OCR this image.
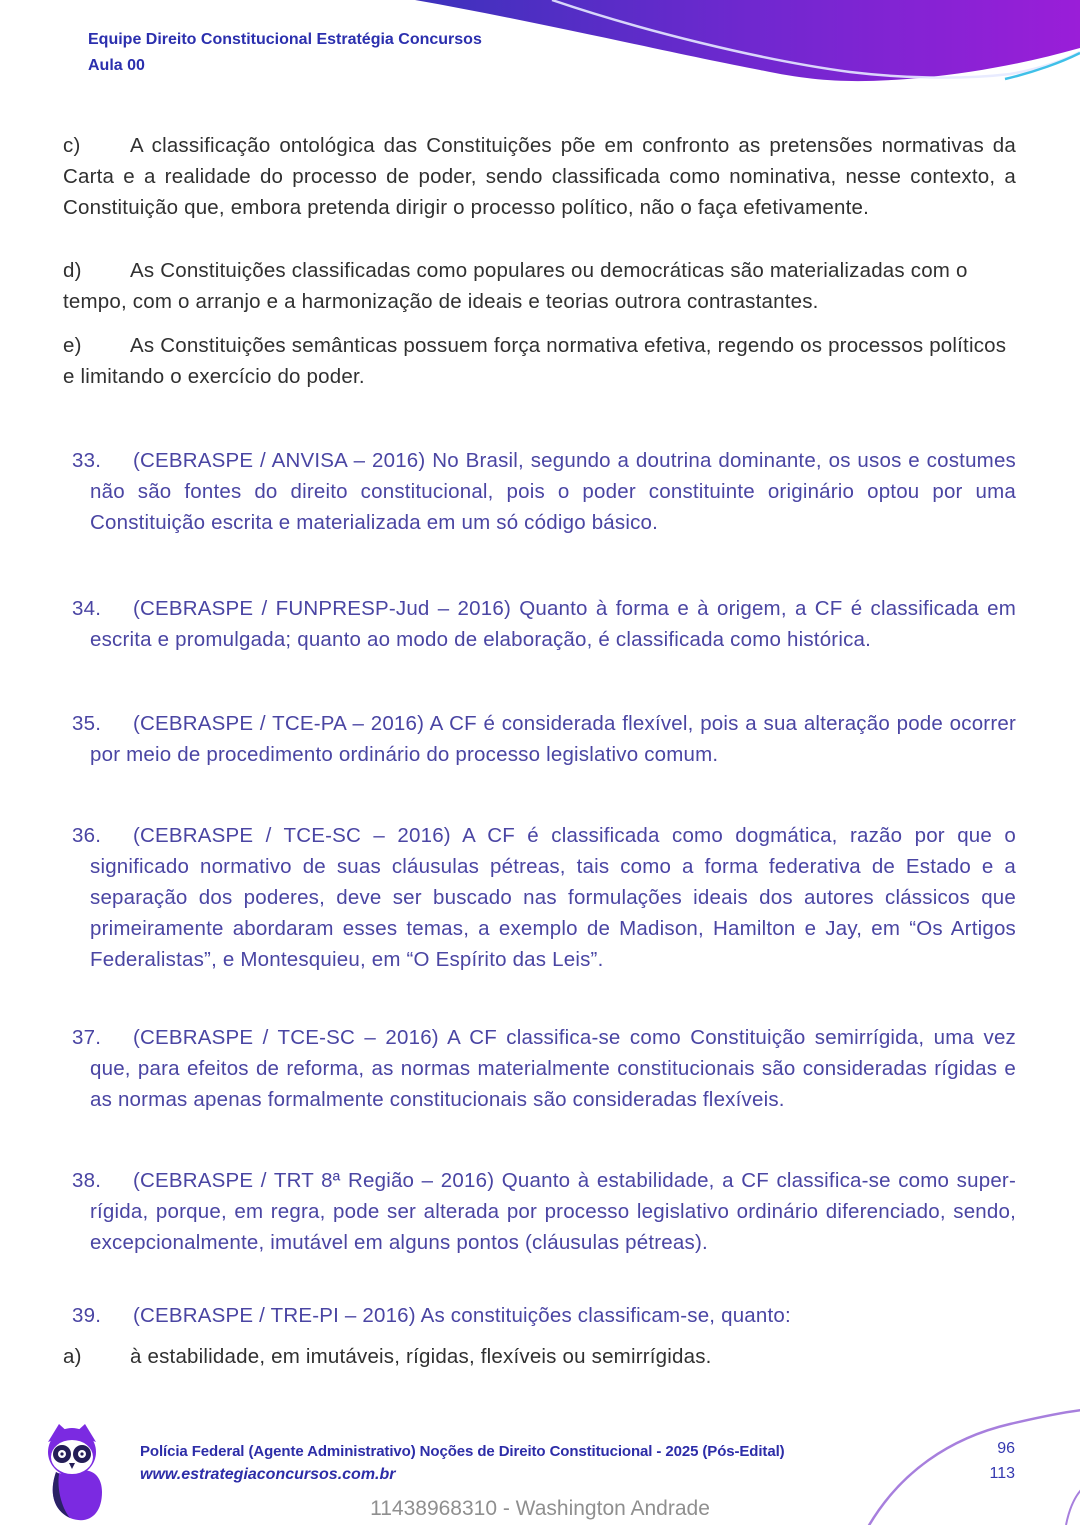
Equipe Direito Constitucional Estratégia Concursos
Aula 00

c) A classificação ontológica das Constituições põe em confronto as pretensões normativas da Carta e a realidade do processo de poder, sendo classificada como nominativa, nesse contexto, a Constituição que, embora pretenda dirigir o processo político, não o faça efetivamente.

d) As Constituições classificadas como populares ou democráticas são materializadas com o tempo, com o arranjo e a harmonização de ideais e teorias outrora contrastantes.

e) As Constituições semânticas possuem força normativa efetiva, regendo os processos políticos e limitando o exercício do poder.

33. (CEBRASPE / ANVISA – 2016) No Brasil, segundo a doutrina dominante, os usos e costumes não são fontes do direito constitucional, pois o poder constituinte originário optou por uma Constituição escrita e materializada em um só código básico.

34. (CEBRASPE / FUNPRESP-Jud – 2016) Quanto à forma e à origem, a CF é classificada em escrita e promulgada; quanto ao modo de elaboração, é classificada como histórica.

35. (CEBRASPE / TCE-PA – 2016) A CF é considerada flexível, pois a sua alteração pode ocorrer por meio de procedimento ordinário do processo legislativo comum.

36. (CEBRASPE / TCE-SC – 2016) A CF é classificada como dogmática, razão por que o significado normativo de suas cláusulas pétreas, tais como a forma federativa de Estado e a separação dos poderes, deve ser buscado nas formulações ideais dos autores clássicos que primeiramente abordaram esses temas, a exemplo de Madison, Hamilton e Jay, em “Os Artigos Federalistas”, e Montesquieu, em “O Espírito das Leis”.

37. (CEBRASPE / TCE-SC – 2016) A CF classifica-se como Constituição semirrígida, uma vez que, para efeitos de reforma, as normas materialmente constitucionais são consideradas rígidas e as normas apenas formalmente constitucionais são consideradas flexíveis.

38. (CEBRASPE / TRT 8ª Região – 2016) Quanto à estabilidade, a CF classifica-se como super-rígida, porque, em regra, pode ser alterada por processo legislativo ordinário diferenciado, sendo, excepcionalmente, imutável em alguns pontos (cláusulas pétreas).

39. (CEBRASPE / TRE-PI – 2016) As constituições classificam-se, quanto:

a) à estabilidade, em imutáveis, rígidas, flexíveis ou semirrígidas.

Polícia Federal (Agente Administrativo) Noções de Direito Constitucional - 2025 (Pós-Edital)
www.estrategiaconcursos.com.br
11438968310 - Washington Andrade
96
113
